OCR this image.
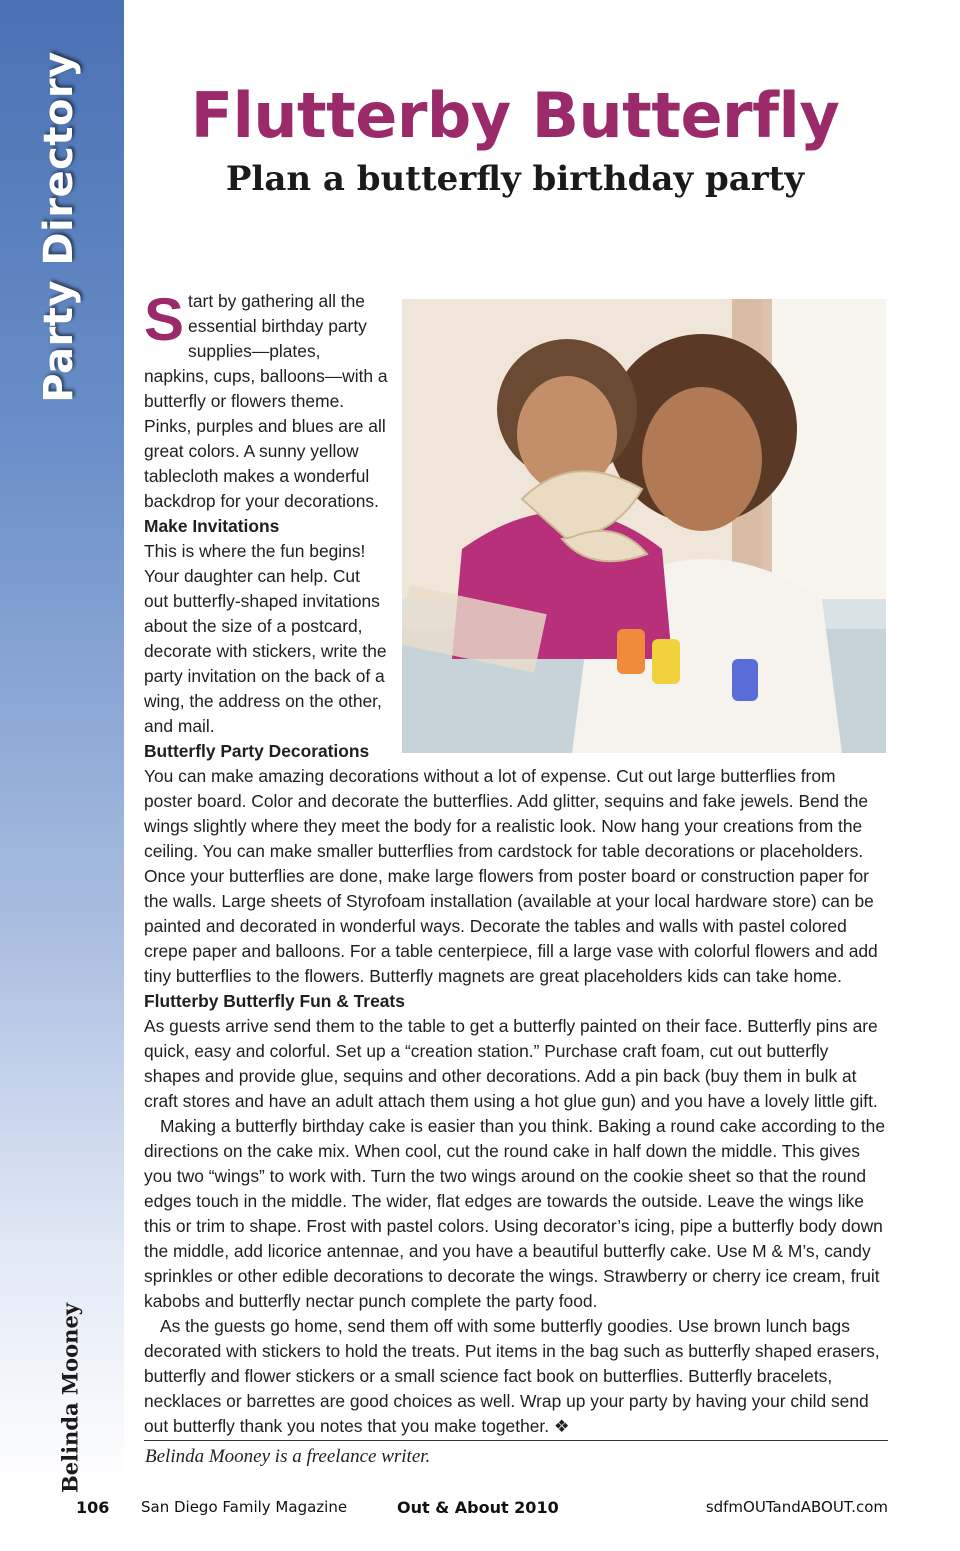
Party Directory
Belinda Mooney
Flutterby Butterfly
Plan a butterfly birthday party

Start by gathering all the essential birthday party supplies—plates, napkins, cups, balloons—with a butterfly or flowers theme. Pinks, purples and blues are all great colors. A sunny yellow tablecloth makes a wonderful backdrop for your decorations.

Make Invitations

This is where the fun begins! Your daughter can help. Cut out butterfly-shaped invitations about the size of a postcard, decorate with stickers, write the party invitation on the back of a wing, the address on the other, and mail.

Butterfly Party Decorations

You can make amazing decorations without a lot of expense. Cut out large butterflies from poster board. Color and decorate the butterflies. Add glitter, sequins and fake jewels. Bend the wings slightly where they meet the body for a realistic look. Now hang your creations from the ceiling. You can make smaller butterflies from cardstock for table decorations or placeholders. Once your butterflies are done, make large flowers from poster board or construction paper for the walls. Large sheets of Styrofoam installation (available at your local hardware store) can be painted and decorated in wonderful ways. Decorate the tables and walls with pastel colored crepe paper and balloons. For a table centerpiece, fill a large vase with colorful flowers and add tiny butterflies to the flowers. Butterfly magnets are great placeholders kids can take home.

Flutterby Butterfly Fun & Treats

As guests arrive send them to the table to get a butterfly painted on their face. Butterfly pins are quick, easy and colorful. Set up a “creation station.” Purchase craft foam, cut out butterfly shapes and provide glue, sequins and other decorations. Add a pin back (buy them in bulk at craft stores and have an adult attach them using a hot glue gun) and you have a lovely little gift.

Making a butterfly birthday cake is easier than you think. Baking a round cake according to the directions on the cake mix. When cool, cut the round cake in half down the middle. This gives you two “wings” to work with. Turn the two wings around on the cookie sheet so that the round edges touch in the middle. The wider, flat edges are towards the outside. Leave the wings like this or trim to shape. Frost with pastel colors. Using decorator’s icing, pipe a butterfly body down the middle, add licorice antennae, and you have a beautiful butterfly cake. Use M & M’s, candy sprinkles or other edible decorations to decorate the wings. Strawberry or cherry ice cream, fruit kabobs and butterfly nectar punch complete the party food.

As the guests go home, send them off with some butterfly goodies. Use brown lunch bags decorated with stickers to hold the treats. Put items in the bag such as butterfly shaped erasers, butterfly and flower stickers or a small science fact book on butterflies. Butterfly bracelets, necklaces or barrettes are good choices as well. Wrap up your party by having your child send out butterfly thank you notes that you make together. ❖

Belinda Mooney is a freelance writer.
106 San Diego Family Magazine	Out & About 2010	sdfmOUTandABOUT.com
